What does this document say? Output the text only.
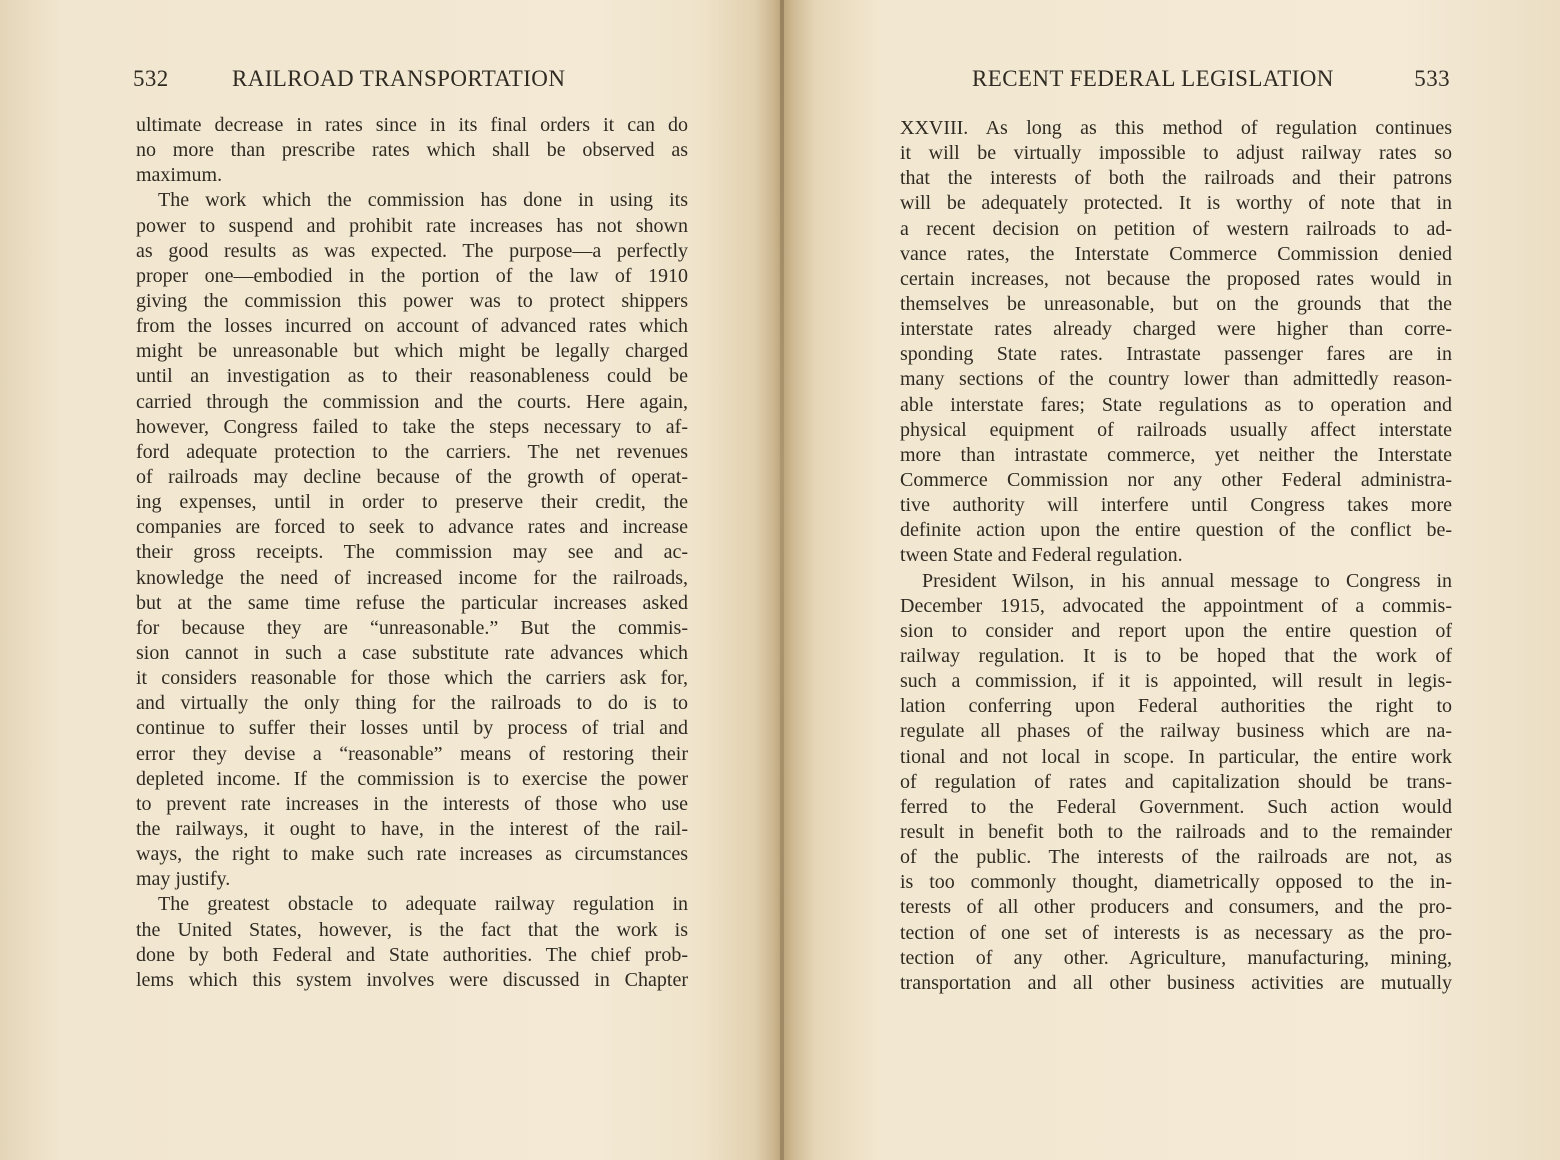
532	RAILROAD TRANSPORTATION
ultimate decrease in rates since in its final orders it can do
no more than prescribe rates which shall be observed as
maximum.
The work which the commission has done in using its
power to suspend and prohibit rate increases has not shown
as good results as was expected. The purpose—a perfectly
proper one—embodied in the portion of the law of 1910
giving the commission this power was to protect shippers
from the losses incurred on account of advanced rates which
might be unreasonable but which might be legally charged
until an investigation as to their reasonableness could be
carried through the commission and the courts. Here again,
however, Congress failed to take the steps necessary to af-
ford adequate protection to the carriers. The net revenues
of railroads may decline because of the growth of operat-
ing expenses, until in order to preserve their credit, the
companies are forced to seek to advance rates and increase
their gross receipts. The commission may see and ac-
knowledge the need of increased income for the railroads,
but at the same time refuse the particular increases asked
for because they are “unreasonable.” But the commis-
sion cannot in such a case substitute rate advances which
it considers reasonable for those which the carriers ask for,
and virtually the only thing for the railroads to do is to
continue to suffer their losses until by process of trial and
error they devise a “reasonable” means of restoring their
depleted income. If the commission is to exercise the power
to prevent rate increases in the interests of those who use
the railways, it ought to have, in the interest of the rail-
ways, the right to make such rate increases as circumstances
may justify.
The greatest obstacle to adequate railway regulation in
the United States, however, is the fact that the work is
done by both Federal and State authorities. The chief prob-
lems which this system involves were discussed in Chapter
RECENT FEDERAL LEGISLATION	533
XXVIII. As long as this method of regulation continues
it will be virtually impossible to adjust railway rates so
that the interests of both the railroads and their patrons
will be adequately protected. It is worthy of note that in
a recent decision on petition of western railroads to ad-
vance rates, the Interstate Commerce Commission denied
certain increases, not because the proposed rates would in
themselves be unreasonable, but on the grounds that the
interstate rates already charged were higher than corre-
sponding State rates. Intrastate passenger fares are in
many sections of the country lower than admittedly reason-
able interstate fares; State regulations as to operation and
physical equipment of railroads usually affect interstate
more than intrastate commerce, yet neither the Interstate
Commerce Commission nor any other Federal administra-
tive authority will interfere until Congress takes more
definite action upon the entire question of the conflict be-
tween State and Federal regulation.
President Wilson, in his annual message to Congress in
December 1915, advocated the appointment of a commis-
sion to consider and report upon the entire question of
railway regulation. It is to be hoped that the work of
such a commission, if it is appointed, will result in legis-
lation conferring upon Federal authorities the right to
regulate all phases of the railway business which are na-
tional and not local in scope. In particular, the entire work
of regulation of rates and capitalization should be trans-
ferred to the Federal Government. Such action would
result in benefit both to the railroads and to the remainder
of the public. The interests of the railroads are not, as
is too commonly thought, diametrically opposed to the in-
terests of all other producers and consumers, and the pro-
tection of one set of interests is as necessary as the pro-
tection of any other. Agriculture, manufacturing, mining,
transportation and all other business activities are mutually
